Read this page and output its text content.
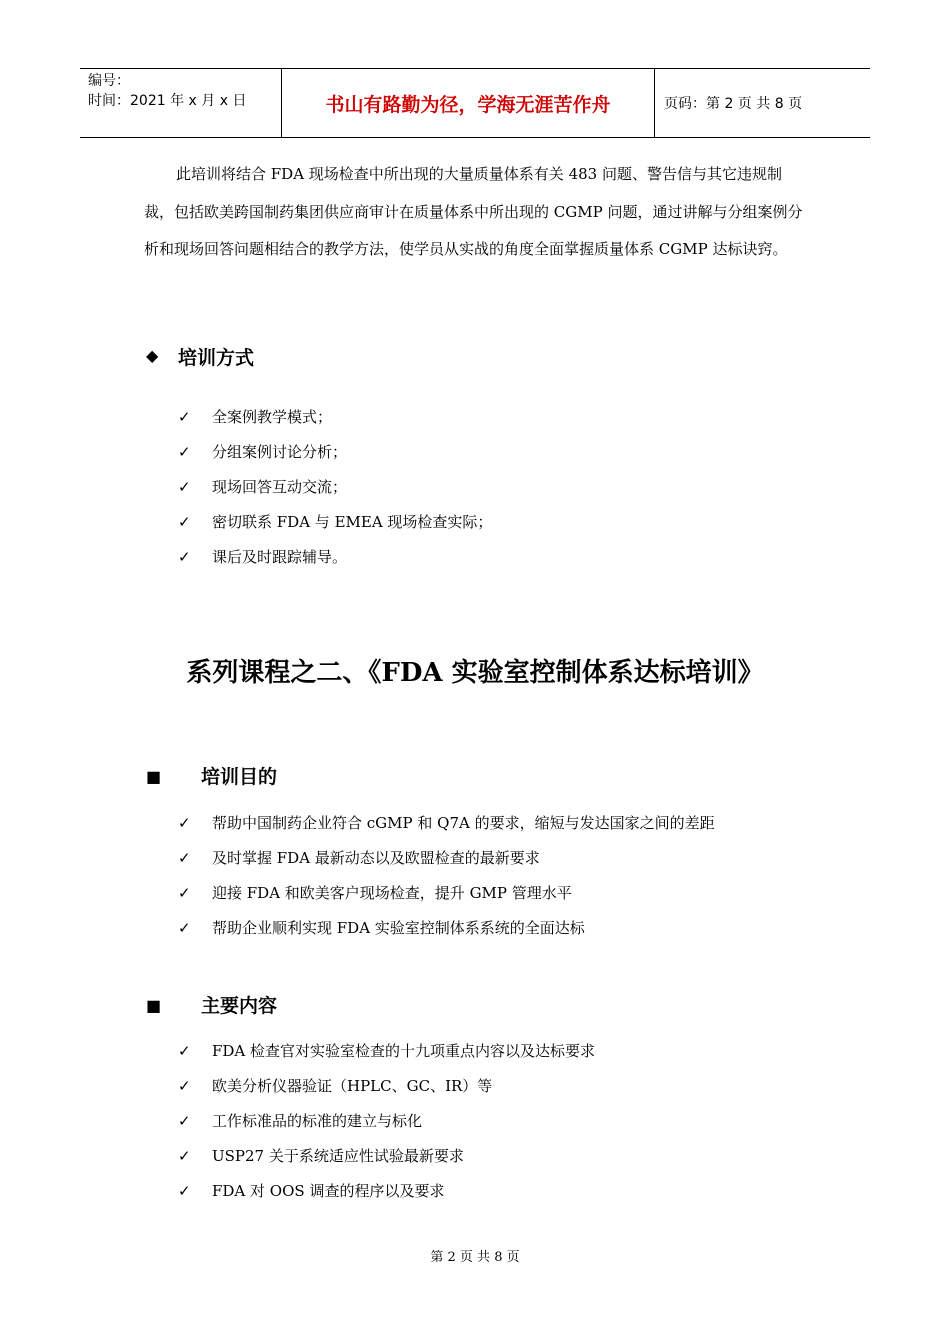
编号：
时间：2021 年 x 月 x 日	书山有路勤为径，学海无涯苦作舟	页码：第 2 页 共 8 页
此培训将结合 FDA 现场检查中所出现的大量质量体系有关 483 问题、警告信与其它违规制裁，包括欧美跨国制药集团供应商审计在质量体系中所出现的 CGMP 问题，通过讲解与分组案例分析和现场回答问题相结合的教学方法，使学员从实战的角度全面掌握质量体系 CGMP 达标诀窍。
◆ 培训方式
✓ 全案例教学模式；
✓ 分组案例讨论分析；
✓ 现场回答互动交流；
✓ 密切联系 FDA 与 EMEA 现场检查实际；
✓ 课后及时跟踪辅导。
系列课程之二、《FDA 实验室控制体系达标培训》
■ 培训目的
✓ 帮助中国制药企业符合 cGMP 和 Q7A 的要求，缩短与发达国家之间的差距
✓ 及时掌握 FDA 最新动态以及欧盟检查的最新要求
✓ 迎接 FDA 和欧美客户现场检查，提升 GMP 管理水平
✓ 帮助企业顺利实现 FDA 实验室控制体系系统的全面达标
■ 主要内容
✓ FDA 检查官对实验室检查的十九项重点内容以及达标要求
✓ 欧美分析仪器验证（HPLC、GC、IR）等
✓ 工作标准品的标准的建立与标化
✓ USP27 关于系统适应性试验最新要求
✓ FDA 对 OOS 调查的程序以及要求
第 2 页 共 8 页
